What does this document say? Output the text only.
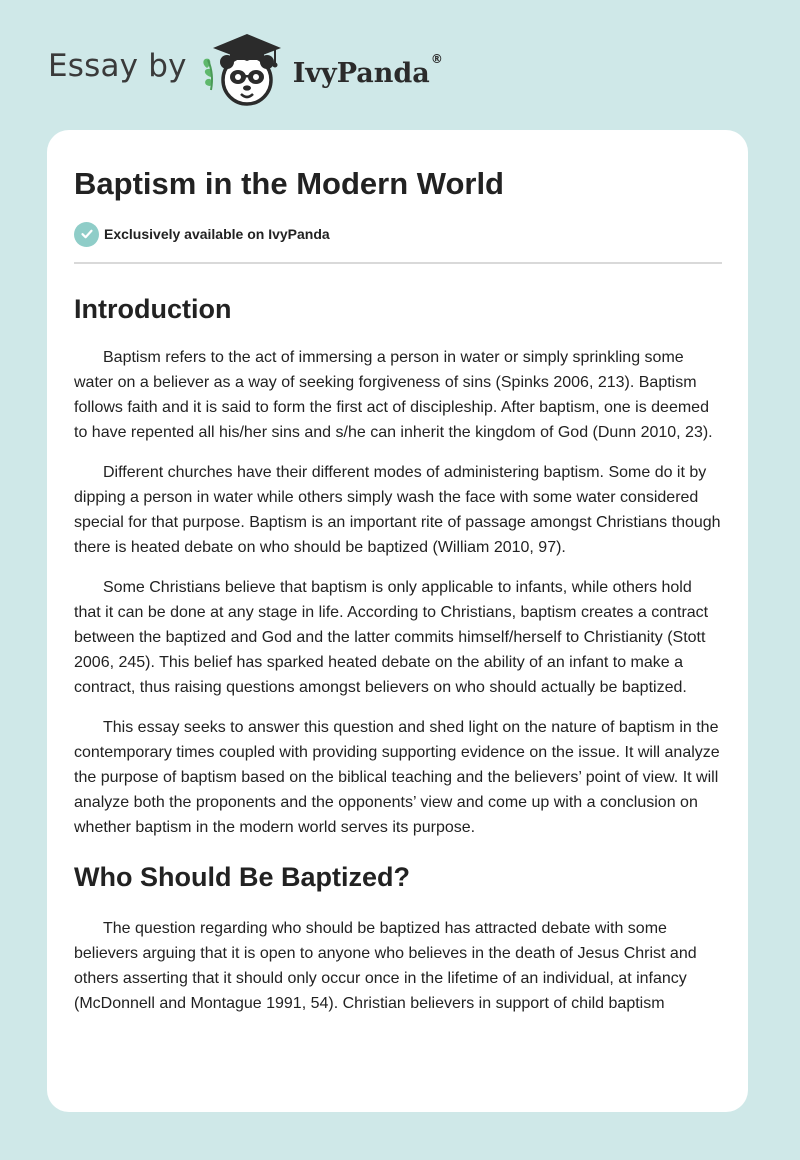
Essay by	IvyPanda®
Baptism in the Modern World
Exclusively available on IvyPanda
Introduction

Baptism refers to the act of immersing a person in water or simply sprinkling some water on a believer as a way of seeking forgiveness of sins (Spinks 2006, 213). Baptism follows faith and it is said to form the first act of discipleship. After baptism, one is deemed to have repented all his/her sins and s/he can inherit the kingdom of God (Dunn 2010, 23).

Different churches have their different modes of administering baptism. Some do it by dipping a person in water while others simply wash the face with some water considered special for that purpose. Baptism is an important rite of passage amongst Christians though there is heated debate on who should be baptized (William 2010, 97).

Some Christians believe that baptism is only applicable to infants, while others hold that it can be done at any stage in life. According to Christians, baptism creates a contract between the baptized and God and the latter commits himself/herself to Christianity (Stott 2006, 245). This belief has sparked heated debate on the ability of an infant to make a contract, thus raising questions amongst believers on who should actually be baptized.

This essay seeks to answer this question and shed light on the nature of baptism in the contemporary times coupled with providing supporting evidence on the issue. It will analyze the purpose of baptism based on the biblical teaching and the believers’ point of view. It will analyze both the proponents and the opponents’ view and come up with a conclusion on whether baptism in the modern world serves its purpose.

Who Should Be Baptized?

The question regarding who should be baptized has attracted debate with some believers arguing that it is open to anyone who believes in the death of Jesus Christ and others asserting that it should only occur once in the lifetime of an individual, at infancy (McDonnell and Montague 1991, 54). Christian believers in support of child baptism
